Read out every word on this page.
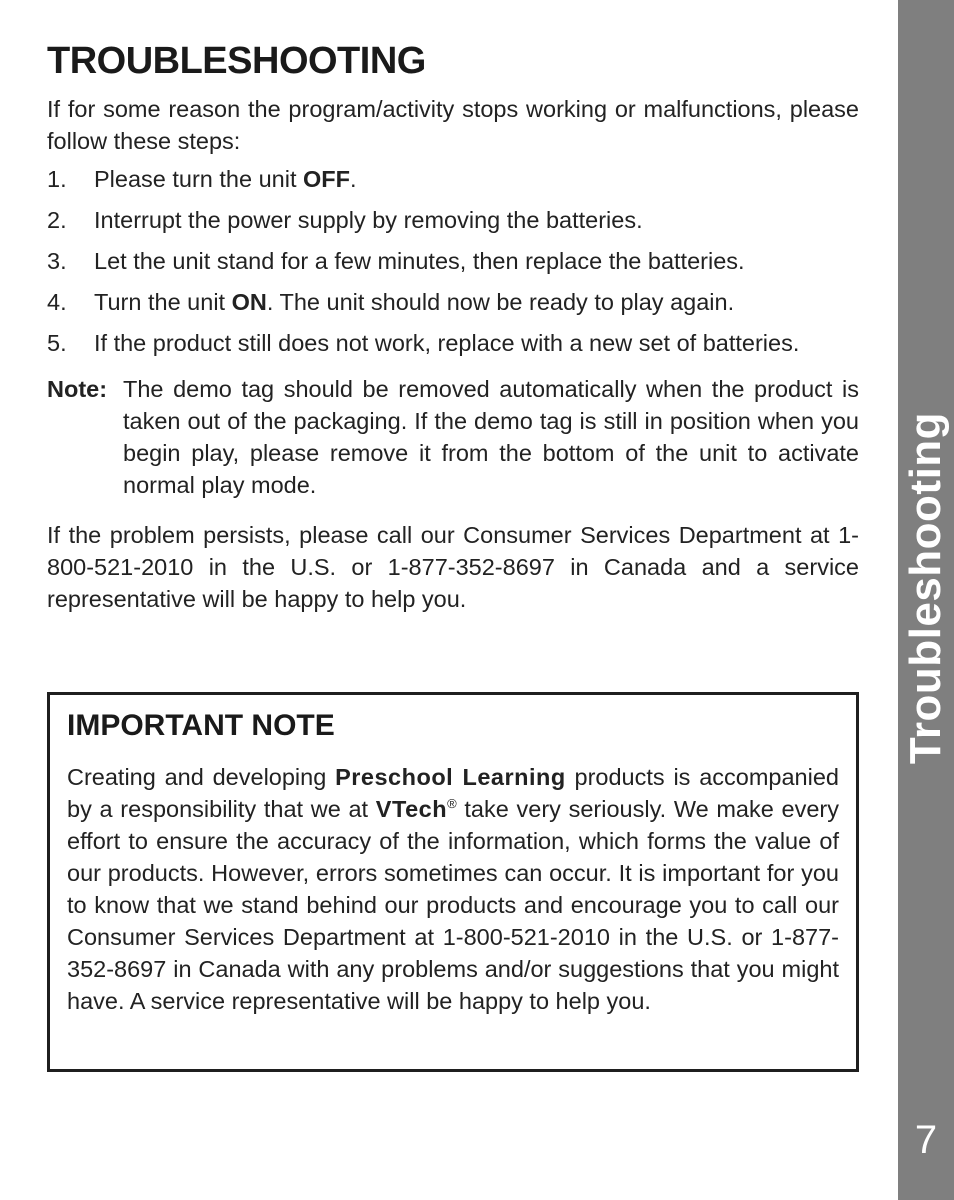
TROUBLESHOOTING

If for some reason the program/activity stops working or malfunctions, please follow these steps:

1. Please turn the unit OFF.
2. Interrupt the power supply by removing the batteries.
3. Let the unit stand for a few minutes, then replace the batteries.
4. Turn the unit ON. The unit should now be ready to play again.
5. If the product still does not work, replace with a new set of batteries.
Note: The demo tag should be removed automatically when the product is taken out of the packaging. If the demo tag is still in position when you begin play, please remove it from the bottom of the unit to activate normal play mode.

If the problem persists, please call our Consumer Services Department at 1-800-521-2010 in the U.S. or 1-877-352-8697 in Canada and a service representative will be happy to help you.

IMPORTANT NOTE

Creating and developing Preschool Learning products is accompanied by a responsibility that we at VTech® take very seriously. We make every effort to ensure the accuracy of the information, which forms the value of our products. However, errors sometimes can occur. It is important for you to know that we stand behind our products and encourage you to call our Consumer Services Department at 1-800-521-2010 in the U.S. or 1-877-352-8697 in Canada with any problems and/or suggestions that you might have. A service representative will be happy to help you.

Troubleshooting
7
